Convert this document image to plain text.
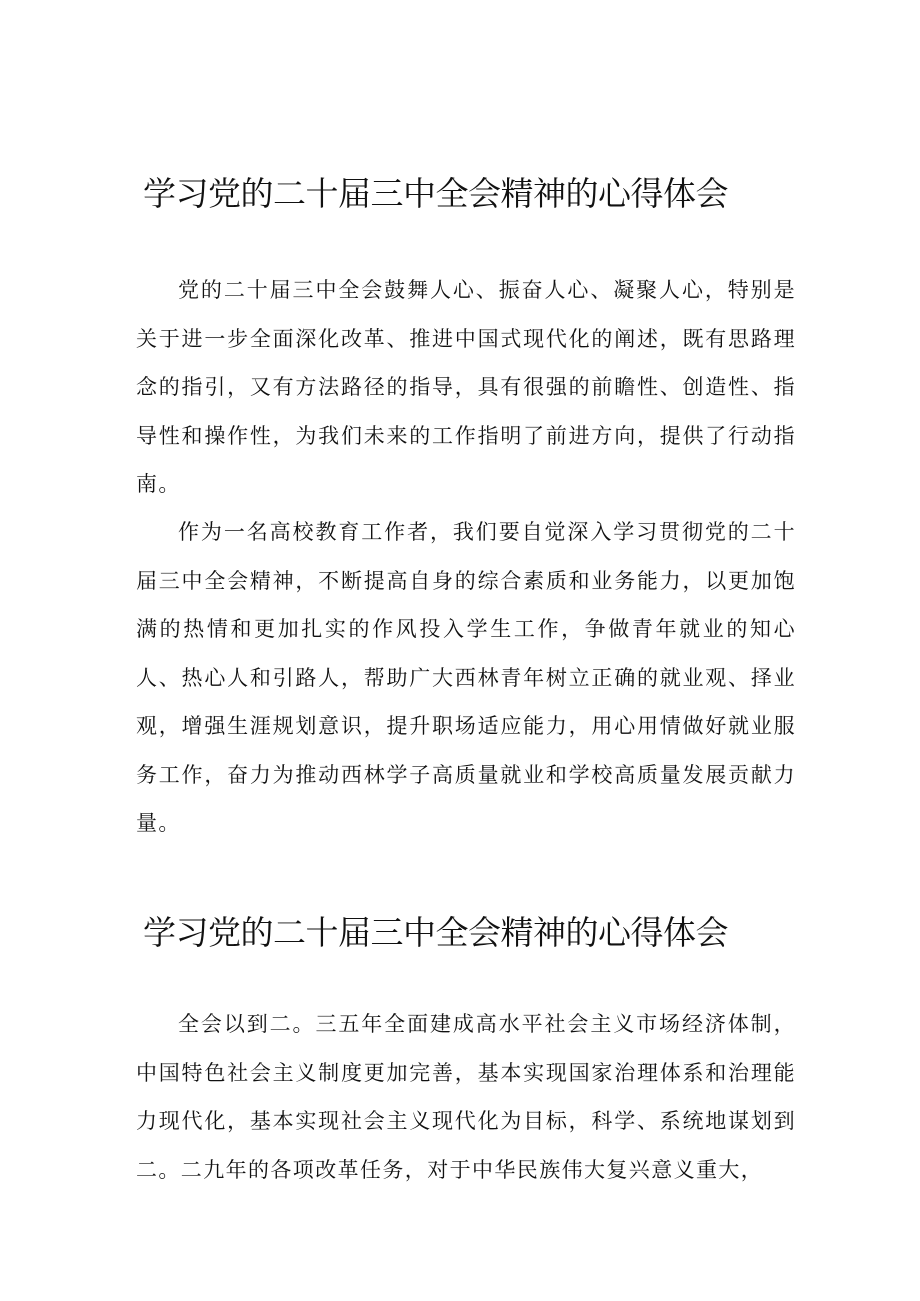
学习党的二十届三中全会精神的心得体会

党的二十届三中全会鼓舞人心、振奋人心、凝聚人心，特别是关于进一步全面深化改革、推进中国式现代化的阐述，既有思路理念的指引，又有方法路径的指导，具有很强的前瞻性、创造性、指导性和操作性，为我们未来的工作指明了前进方向，提供了行动指南。

作为一名高校教育工作者，我们要自觉深入学习贯彻党的二十届三中全会精神，不断提高自身的综合素质和业务能力，以更加饱满的热情和更加扎实的作风投入学生工作，争做青年就业的知心人、热心人和引路人，帮助广大西林青年树立正确的就业观、择业观，增强生涯规划意识，提升职场适应能力，用心用情做好就业服务工作，奋力为推动西林学子高质量就业和学校高质量发展贡献力量。

学习党的二十届三中全会精神的心得体会

全会以到二。三五年全面建成高水平社会主义市场经济体制，中国特色社会主义制度更加完善，基本实现国家治理体系和治理能力现代化，基本实现社会主义现代化为目标，科学、系统地谋划到二。二九年的各项改革任务，对于中华民族伟大复兴意义重大，
